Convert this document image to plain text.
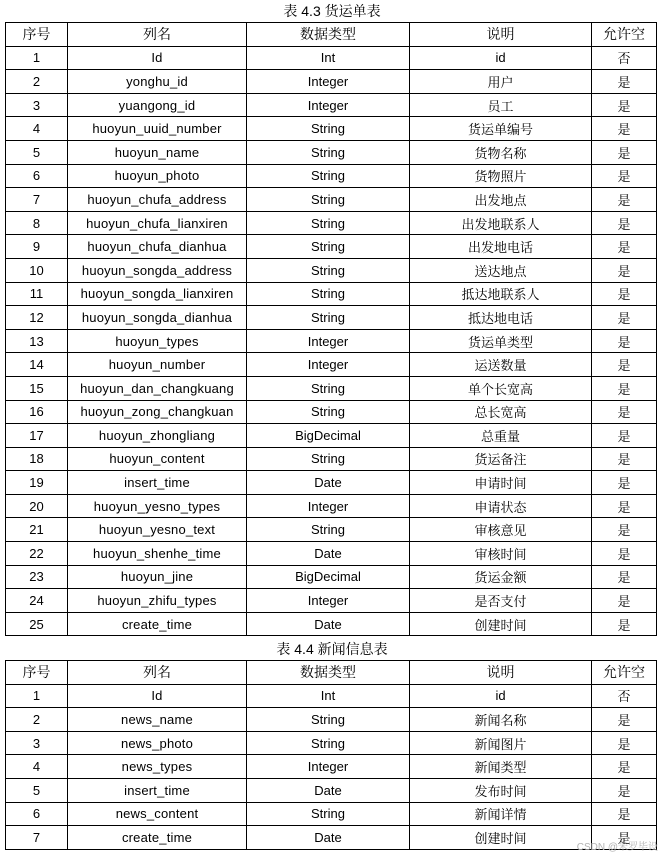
表 4.3 货运单表
序号	列名	数据类型	说明	允许空
1	Id	Int	id	否
2	yonghu_id	Integer	用户	是
3	yuangong_id	Integer	员工	是
4	huoyun_uuid_number	String	货运单编号	是
5	huoyun_name	String	货物名称	是
6	huoyun_photo	String	货物照片	是
7	huoyun_chufa_address	String	出发地点	是
8	huoyun_chufa_lianxiren	String	出发地联系人	是
9	huoyun_chufa_dianhua	String	出发地电话	是
10	huoyun_songda_address	String	送达地点	是
11	huoyun_songda_lianxiren	String	抵达地联系人	是
12	huoyun_songda_dianhua	String	抵达地电话	是
13	huoyun_types	Integer	货运单类型	是
14	huoyun_number	Integer	运送数量	是
15	huoyun_dan_changkuang	String	单个长宽高	是
16	huoyun_zong_changkuan	String	总长宽高	是
17	huoyun_zhongliang	BigDecimal	总重量	是
18	huoyun_content	String	货运备注	是
19	insert_time	Date	申请时间	是
20	huoyun_yesno_types	Integer	申请状态	是
21	huoyun_yesno_text	String	审核意见	是
22	huoyun_shenhe_time	Date	审核时间	是
23	huoyun_jine	BigDecimal	货运金额	是
24	huoyun_zhifu_types	Integer	是否支付	是
25	create_time	Date	创建时间	是
表 4.4 新闻信息表
序号	列名	数据类型	说明	允许空
1	Id	Int	id	否
2	news_name	String	新闻名称	是
3	news_photo	String	新闻图片	是
4	news_types	Integer	新闻类型	是
5	insert_time	Date	发布时间	是
6	news_content	String	新闻详情	是
7	create_time	Date	创建时间	是
CSDN @米罗毕设
